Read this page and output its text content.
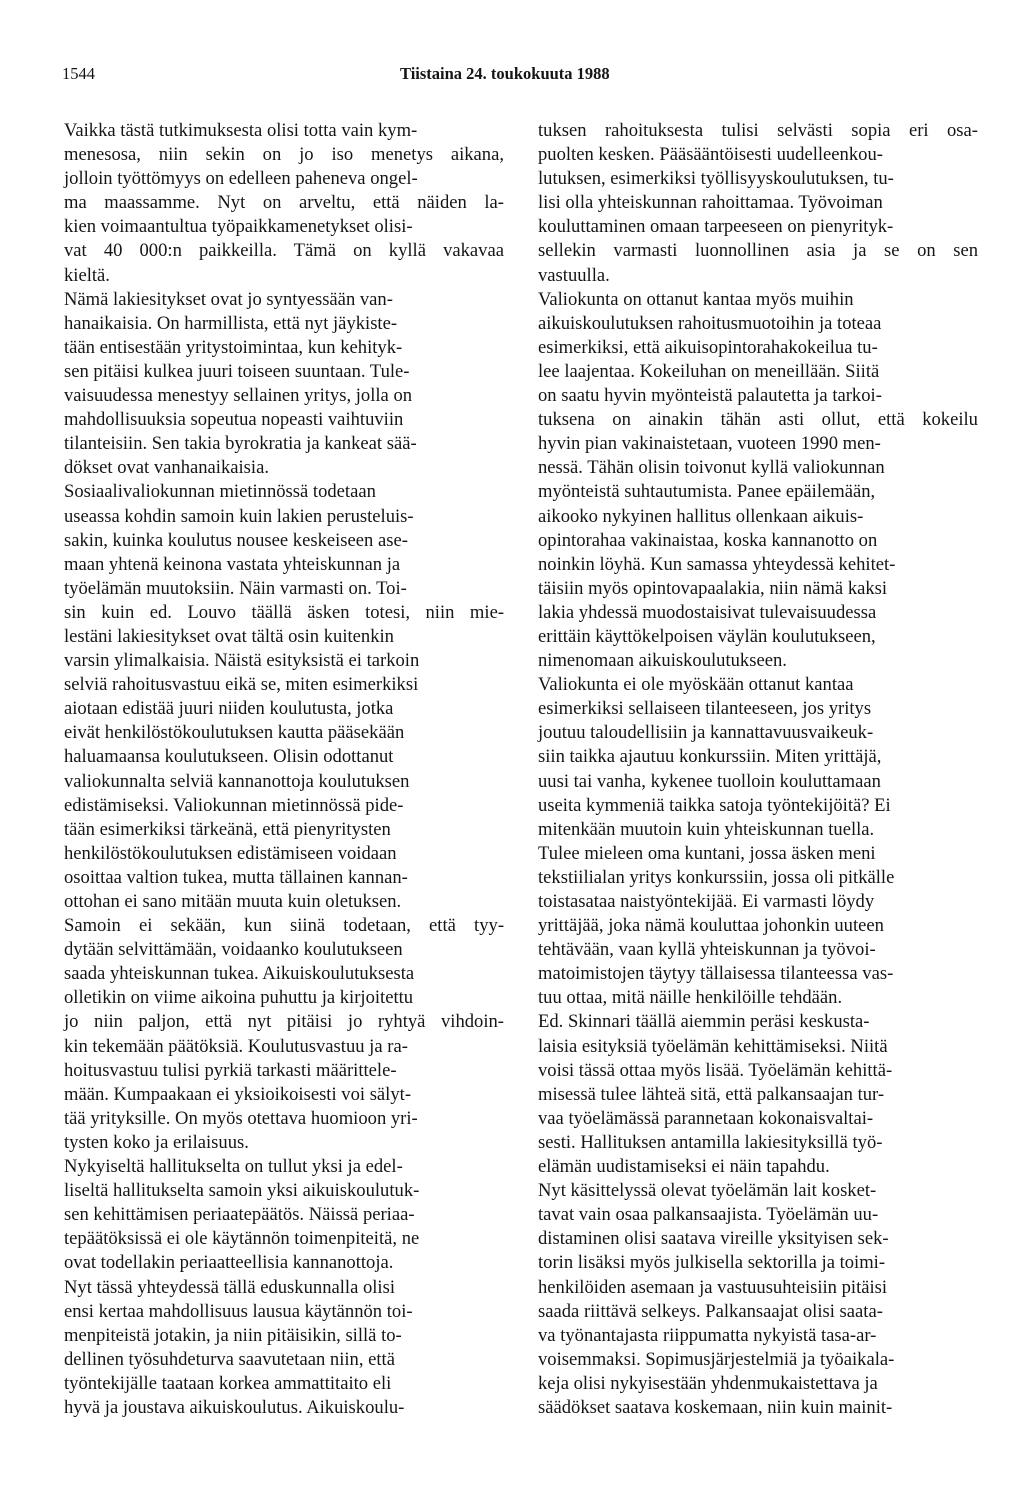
1544	Tiistaina 24. toukokuuta 1988
Vaikka tästä tutkimuksesta olisi totta vain kym-
menesosa, niin sekin on jo iso menetys aikana,
jolloin työttömyys on edelleen paheneva ongel-
ma maassamme. Nyt on arveltu, että näiden la-
kien voimaantultua työpaikkamenetykset olisi-
vat 40 000:n paikkeilla. Tämä on kyllä vakavaa
kieltä.
Nämä lakiesitykset ovat jo syntyessään van-
hanaikaisia. On harmillista, että nyt jäykiste-
tään entisestään yritystoimintaa, kun kehityk-
sen pitäisi kulkea juuri toiseen suuntaan. Tule-
vaisuudessa menestyy sellainen yritys, jolla on
mahdollisuuksia sopeutua nopeasti vaihtuviin
tilanteisiin. Sen takia byrokratia ja kankeat sää-
dökset ovat vanhanaikaisia.
Sosiaalivaliokunnan mietinnössä todetaan
useassa kohdin samoin kuin lakien perusteluis-
sakin, kuinka koulutus nousee keskeiseen ase-
maan yhtenä keinona vastata yhteiskunnan ja
työelämän muutoksiin. Näin varmasti on. Toi-
sin kuin ed. Louvo täällä äsken totesi, niin mie-
lestäni lakiesitykset ovat tältä osin kuitenkin
varsin ylimalkaisia. Näistä esityksistä ei tarkoin
selviä rahoitusvastuu eikä se, miten esimerkiksi
aiotaan edistää juuri niiden koulutusta, jotka
eivät henkilöstökoulutuksen kautta pääsekään
haluamaansa koulutukseen. Olisin odottanut
valiokunnalta selviä kannanottoja koulutuksen
edistämiseksi. Valiokunnan mietinnössä pide-
tään esimerkiksi tärkeänä, että pienyritysten
henkilöstökoulutuksen edistämiseen voidaan
osoittaa valtion tukea, mutta tällainen kannan-
ottohan ei sano mitään muuta kuin oletuksen.
Samoin ei sekään, kun siinä todetaan, että tyy-
dytään selvittämään, voidaanko koulutukseen
saada yhteiskunnan tukea. Aikuiskoulutuksesta
olletikin on viime aikoina puhuttu ja kirjoitettu
jo niin paljon, että nyt pitäisi jo ryhtyä vihdoin-
kin tekemään päätöksiä. Koulutusvastuu ja ra-
hoitusvastuu tulisi pyrkiä tarkasti määrittele-
mään. Kumpaakaan ei yksioikoisesti voi sälyt-
tää yrityksille. On myös otettava huomioon yri-
tysten koko ja erilaisuus.
Nykyiseltä hallitukselta on tullut yksi ja edel-
liseltä hallitukselta samoin yksi aikuiskoulutuk-
sen kehittämisen periaatepäätös. Näissä periaa-
tepäätöksissä ei ole käytännön toimenpiteitä, ne
ovat todellakin periaatteellisia kannanottoja.
Nyt tässä yhteydessä tällä eduskunnalla olisi
ensi kertaa mahdollisuus lausua käytännön toi-
menpiteistä jotakin, ja niin pitäisikin, sillä to-
dellinen työsuhdeturva saavutetaan niin, että
työntekijälle taataan korkea ammattitaito eli
hyvä ja joustava aikuiskoulutus. Aikuiskoulu-
tuksen rahoituksesta tulisi selvästi sopia eri osa-
puolten kesken. Pääsääntöisesti uudelleenkou-
lutuksen, esimerkiksi työllisyyskoulutuksen, tu-
lisi olla yhteiskunnan rahoittamaa. Työvoiman
kouluttaminen omaan tarpeeseen on pienyrityk-
sellekin varmasti luonnollinen asia ja se on sen
vastuulla.
Valiokunta on ottanut kantaa myös muihin
aikuiskoulutuksen rahoitusmuotoihin ja toteaa
esimerkiksi, että aikuisopintorahakokeilua tu-
lee laajentaa. Kokeiluhan on meneillään. Siitä
on saatu hyvin myönteistä palautetta ja tarkoi-
tuksena on ainakin tähän asti ollut, että kokeilu
hyvin pian vakinaistetaan, vuoteen 1990 men-
nessä. Tähän olisin toivonut kyllä valiokunnan
myönteistä suhtautumista. Panee epäilemään,
aikooko nykyinen hallitus ollenkaan aikuis-
opintorahaa vakinaistaa, koska kannanotto on
noinkin löyhä. Kun samassa yhteydessä kehitet-
täisiin myös opintovapaalakia, niin nämä kaksi
lakia yhdessä muodostaisivat tulevaisuudessa
erittäin käyttökelpoisen väylän koulutukseen,
nimenomaan aikuiskoulutukseen.
Valiokunta ei ole myöskään ottanut kantaa
esimerkiksi sellaiseen tilanteeseen, jos yritys
joutuu taloudellisiin ja kannattavuusvaikeuk-
siin taikka ajautuu konkurssiin. Miten yrittäjä,
uusi tai vanha, kykenee tuolloin kouluttamaan
useita kymmeniä taikka satoja työntekijöitä? Ei
mitenkään muutoin kuin yhteiskunnan tuella.
Tulee mieleen oma kuntani, jossa äsken meni
tekstiilialan yritys konkurssiin, jossa oli pitkälle
toistasataa naistyöntekijää. Ei varmasti löydy
yrittäjää, joka nämä kouluttaa johonkin uuteen
tehtävään, vaan kyllä yhteiskunnan ja työvoi-
matoimistojen täytyy tällaisessa tilanteessa vas-
tuu ottaa, mitä näille henkilöille tehdään.
Ed. Skinnari täällä aiemmin peräsi keskusta-
laisia esityksiä työelämän kehittämiseksi. Niitä
voisi tässä ottaa myös lisää. Työelämän kehittä-
misessä tulee lähteä sitä, että palkansaajan tur-
vaa työelämässä parannetaan kokonaisvaltai-
sesti. Hallituksen antamilla lakiesityksillä työ-
elämän uudistamiseksi ei näin tapahdu.
Nyt käsittelyssä olevat työelämän lait kosket-
tavat vain osaa palkansaajista. Työelämän uu-
distaminen olisi saatava vireille yksityisen sek-
torin lisäksi myös julkisella sektorilla ja toimi-
henkilöiden asemaan ja vastuusuhteisiin pitäisi
saada riittävä selkeys. Palkansaajat olisi saata-
va työnantajasta riippumatta nykyistä tasa-ar-
voisemmaksi. Sopimusjärjestelmiä ja työaikala-
keja olisi nykyisestään yhdenmukaistettava ja
säädökset saatava koskemaan, niin kuin mainit-
